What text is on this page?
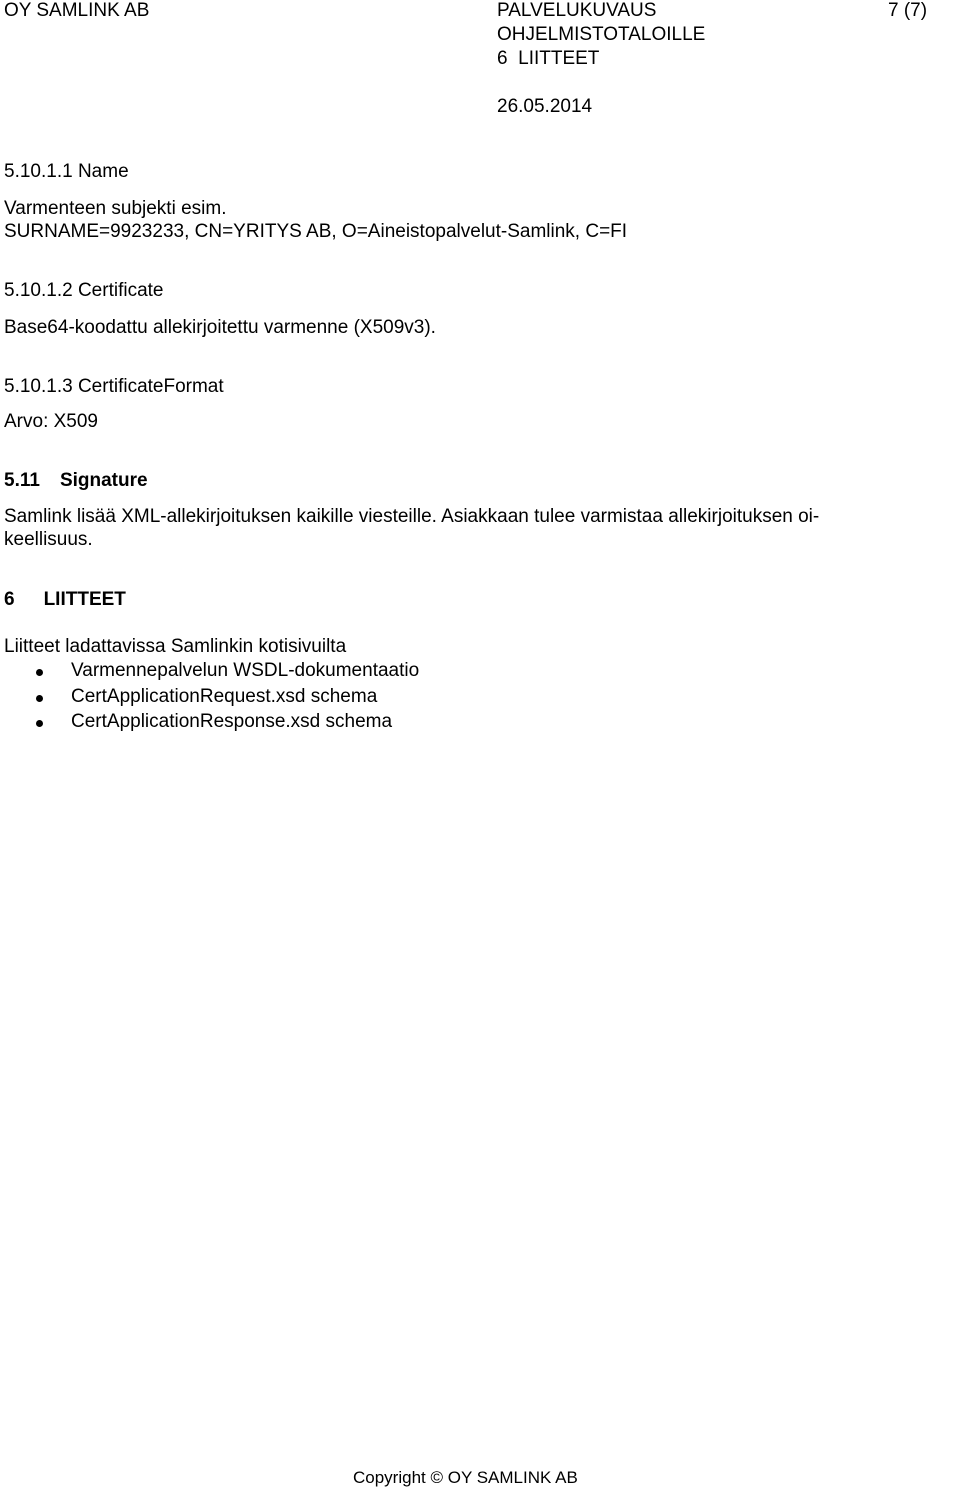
OY SAMLINK AB	PALVELUKUVAUS
OHJELMISTOTALOILLE
6  LIITTEET
7 (7)
26.05.2014
5.10.1.1 Name
Varmenteen subjekti esim.
SURNAME=9923233, CN=YRITYS AB, O=Aineistopalvelut-Samlink, C=FI
5.10.1.2 Certificate
Base64-koodattu allekirjoitettu varmenne (X509v3).
5.10.1.3 CertificateFormat
Arvo: X509
5.11 Signature
Samlink lisää XML-allekirjoituksen kaikille viesteille. Asiakkaan tulee varmistaa allekirjoituksen oi-
keellisuus.
6 LIITTEET
Liitteet ladattavissa Samlinkin kotisivuilta
Varmennepalvelun WSDL-dokumentaatio
CertApplicationRequest.xsd schema
CertApplicationResponse.xsd schema
Copyright © OY SAMLINK AB
